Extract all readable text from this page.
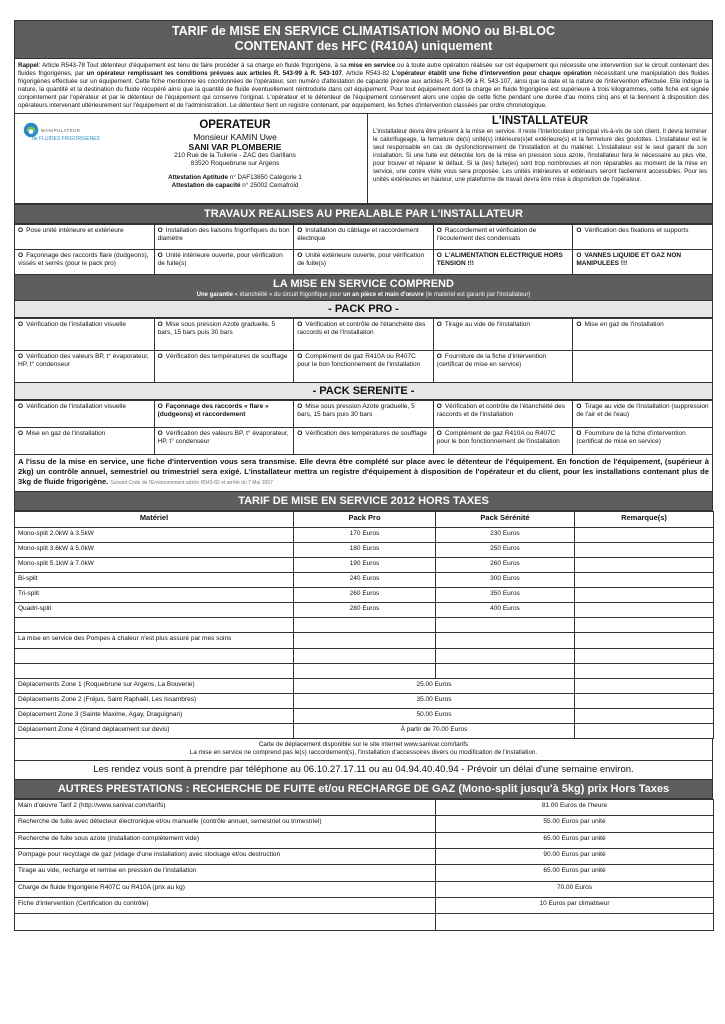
TARIF de MISE EN SERVICE CLIMATISATION MONO ou BI-BLOC
CONTENANT des HFC (R410A) uniquement
Rappel: Article R543-78 Tout détenteur d'équipement est tenu de faire procéder à sa charge en fluide frigorigène, à sa mise en service ou à toute autre opération réalisée sur cet équipement qui nécessite une intervention sur le circuit contenant des fluides frigorigènes, par un opérateur remplissant les conditions prévues aux articles R. 543-99 à R. 543-107. Article R543-82 L'opérateur établit une fiche d'intervention pour chaque opération nécessitant une manipulation des fluides frigorigènes effectuée sur un équipement. Cette fiche mentionne les coordonnées de l'opérateur, son numéro d'attestation de capacité prévue aux articles R. 543-99 à R. 543-107, ainsi que la date et la nature de l'intervention effectuée. Elle indique la nature, la quantité et la destination du fluide récupéré ainsi que la quantité de fluide éventuellement réintroduite dans cet équipement. Pour tout équipement dont la charge en fluide frigorigène est supérieure à trois kilogrammes, cette fiche est signée conjointement par l'opérateur et par le détenteur de l'équipement qui conserve l'original. L'opérateur et le détenteur de l'équipement conservent alors une copie de cette fiche pendant une durée d'au moins cinq ans et la tiennent à disposition des opérateurs intervenant ultérieurement sur l'équipement et de l'administration. Le détenteur tient un registre contenant, par équipement, les fiches d'intervention classées par ordre chronologique.
MANIPULATEUR
de FLUIDES FRIGORIGÈNES
OPERATEUR
Monsieur KAMIN Uwe
SANI VAR PLOMBERIE
210 Rue de la Tuilerie - ZAC des Garillans
83520 Roquebrune sur Argens
Attestation Aptitude n° DAF13850 Catégorie 1
Attestation de capacité n° 25002 Cemafroid
L'INSTALLATEUR
L'installateur devra être présent à la mise en service. Il reste l'interlocuteur principal vis-à-vis de son client. Il devra terminer le calorifugeage, la fermeture de(s) unité(s) intérieure(s)et extérieure(s) et la fermeture des goulottes. L'installateur est le seul responsable en cas de dysfonctionnement de l'installation et du matériel. L'installateur est le seul garant de son installation. Si une fuite est détectée lors de la mise en pression sous azote, l'installateur fera le nécessaire au plus vite, pour trouver et réparer le défaut. Si la (les) fuite(es) sont trop nombreuses et non réparables au moment de la mise en service, une contre visite vous sera proposée. Les unités intérieures et extérieurs seront facilement accessibles. Pour les unités extérieures en hauteur, une plateforme de travail devra être mise à disposition de l'opérateur.
TRAVAUX REALISES AU PREALABLE PAR L'INSTALLATEUR
O Pose unité intérieure et extérieure	O Installation des liaisons frigorifiques du bon diamètre	O Installation du câblage et raccordement électrique	O Raccordement et vérification de l'écoulement des condensats	O Vérification des fixations et supports
O Façonnage des raccords flare (dudgeons), vissés et serrés (pour le pack pro)	O Unité intérieure ouverte, pour vérification de fuite(s)	O Unité extérieure ouverte, pour vérification de fuite(s)	O L'ALIMENTATION ELECTRIQUE HORS TENSION !!!	O VANNES LIQUIDE ET GAZ NON MANIPULEES !!!
LA MISE EN SERVICE COMPREND
Une garantie « étanchéité » du circuit frigorifique pour un an pièce et main d'œuvre (le matériel est garanti par l'installateur)
- PACK PRO -
O Vérification de l'installation visuelle	O Mise sous pression Azote graduelle, 5 bars, 15 bars puis 30 bars	O Vérification et contrôle de l'étanchéité des raccords et de l'installation	O Tirage au vide de l'installation	O Mise en gaz de l'installation
O Vérification des valeurs BP, t° évaporateur, HP, t° condenseur	O Vérification des températures de soufflage	O Complément de gaz R410A ou R407C pour le bon fonctionnement de l'installation	O Fourniture de la fiche d'intervention (certificat de mise en service)	
- PACK SERENITE -
O Vérification de l'installation visuelle	O Façonnage des raccords « flare » (dudgeons) et raccordement	O Mise sous pression Azote graduelle, 5 bars, 15 bars puis 30 bars	O Vérification et contrôle de l'étanchéité des raccords et de l'installation	O Tirage au vide de l'installation (suppression de l'air et de l'eau)
O Mise en gaz de l'installation	O Vérification des valeurs BP, t° évaporateur, HP, t° condenseur	O Vérification des températures de soufflage	O Complément de gaz R410A ou R407C pour le bon fonctionnement de l'installation	O Fourniture de la fiche d'intervention (certificat de mise en service)
A l'issu de la mise en service, une fiche d'intervention vous sera transmise. Elle devra être complété sur place avec le détenteur de l'équipement. En fonction de l'équipement, (supérieur à 2kg) un contrôle annuel, semestriel ou trimestriel sera exigé. L'installateur mettra un registre d'équipement à disposition de l'opérateur et du client, pour les installations contenant plus de 3kg de fluide frigorigène. Suivant Code de l'Environnement article R543-82 et arrêté du 7 Mai 2007
TARIF DE MISE EN SERVICE 2012 HORS TAXES
Matériel	Pack Pro	Pack Sérénité	Remarque(s)
Mono-split 2.0kW à 3.5kW	170 Euros	230 Euros	
Mono-split 3.6kW à 5.0kW	180 Euros	250 Euros	
Mono-split 5.1kW à 7.0kW	190 Euros	260 Euros	
Bi-split	240 Euros	300 Euros	
Tri-split	260 Euros	350 Euros	
Quadri-split	280 Euros	400 Euros	

La mise en service des Pompes à chaleur n'est plus assuré par mes soins			

Déplacements Zone 1 (Roquebrune sur Argens, La Bouverie)	25.00 Euros		
Déplacements Zone 2 (Fréjus, Saint Raphaël, Les Issambres)	35.00 Euros		
Déplacement Zone 3 (Sainte Maxime, Agay, Draguignan)	50.00 Euros		
Déplacement Zone 4 (Grand déplacement sur devis)	À partir de 70.00 Euros		
Carte de déplacement disponible sur le site internet www.sanivar.com/tarifs
La mise en service ne comprend pas le(s) raccordement(s), l'installation d'accessoires divers ou modification de l'installation.
Les rendez vous sont à prendre par téléphone au 06.10.27.17.11 ou au 04.94.40.40.94 - Prévoir un délai d'une semaine environ.
AUTRES PRESTATIONS : RECHERCHE DE FUITE et/ou RECHARGE DE GAZ (Mono-split jusqu'à 5kg) prix Hors Taxes
Main d'œuvre Tarif 2 (http://www.sanivar.com/tarifs)	81.00 Euros de l'heure
Recherche de fuite avec détecteur électronique et/ou manuelle (contrôle annuel, semestriel ou trimestriel)	55.00 Euros par unité
Recherche de fuite sous azote (installation complètement vide)	65.00 Euros par unité
Pompage pour recyclage de gaz (vidage d'une installation) avec stockage et/ou destruction	90.00 Euros par unité
Tirage au vide, recharge et remise en pression de l'installation	65.00 Euros par unité
Charge de fluide frigorigène R407C ou R410A (prix au kg)	70.00 Euros
Fiche d'intervention (Certification du contrôle)	10 Euros par climatiseur
